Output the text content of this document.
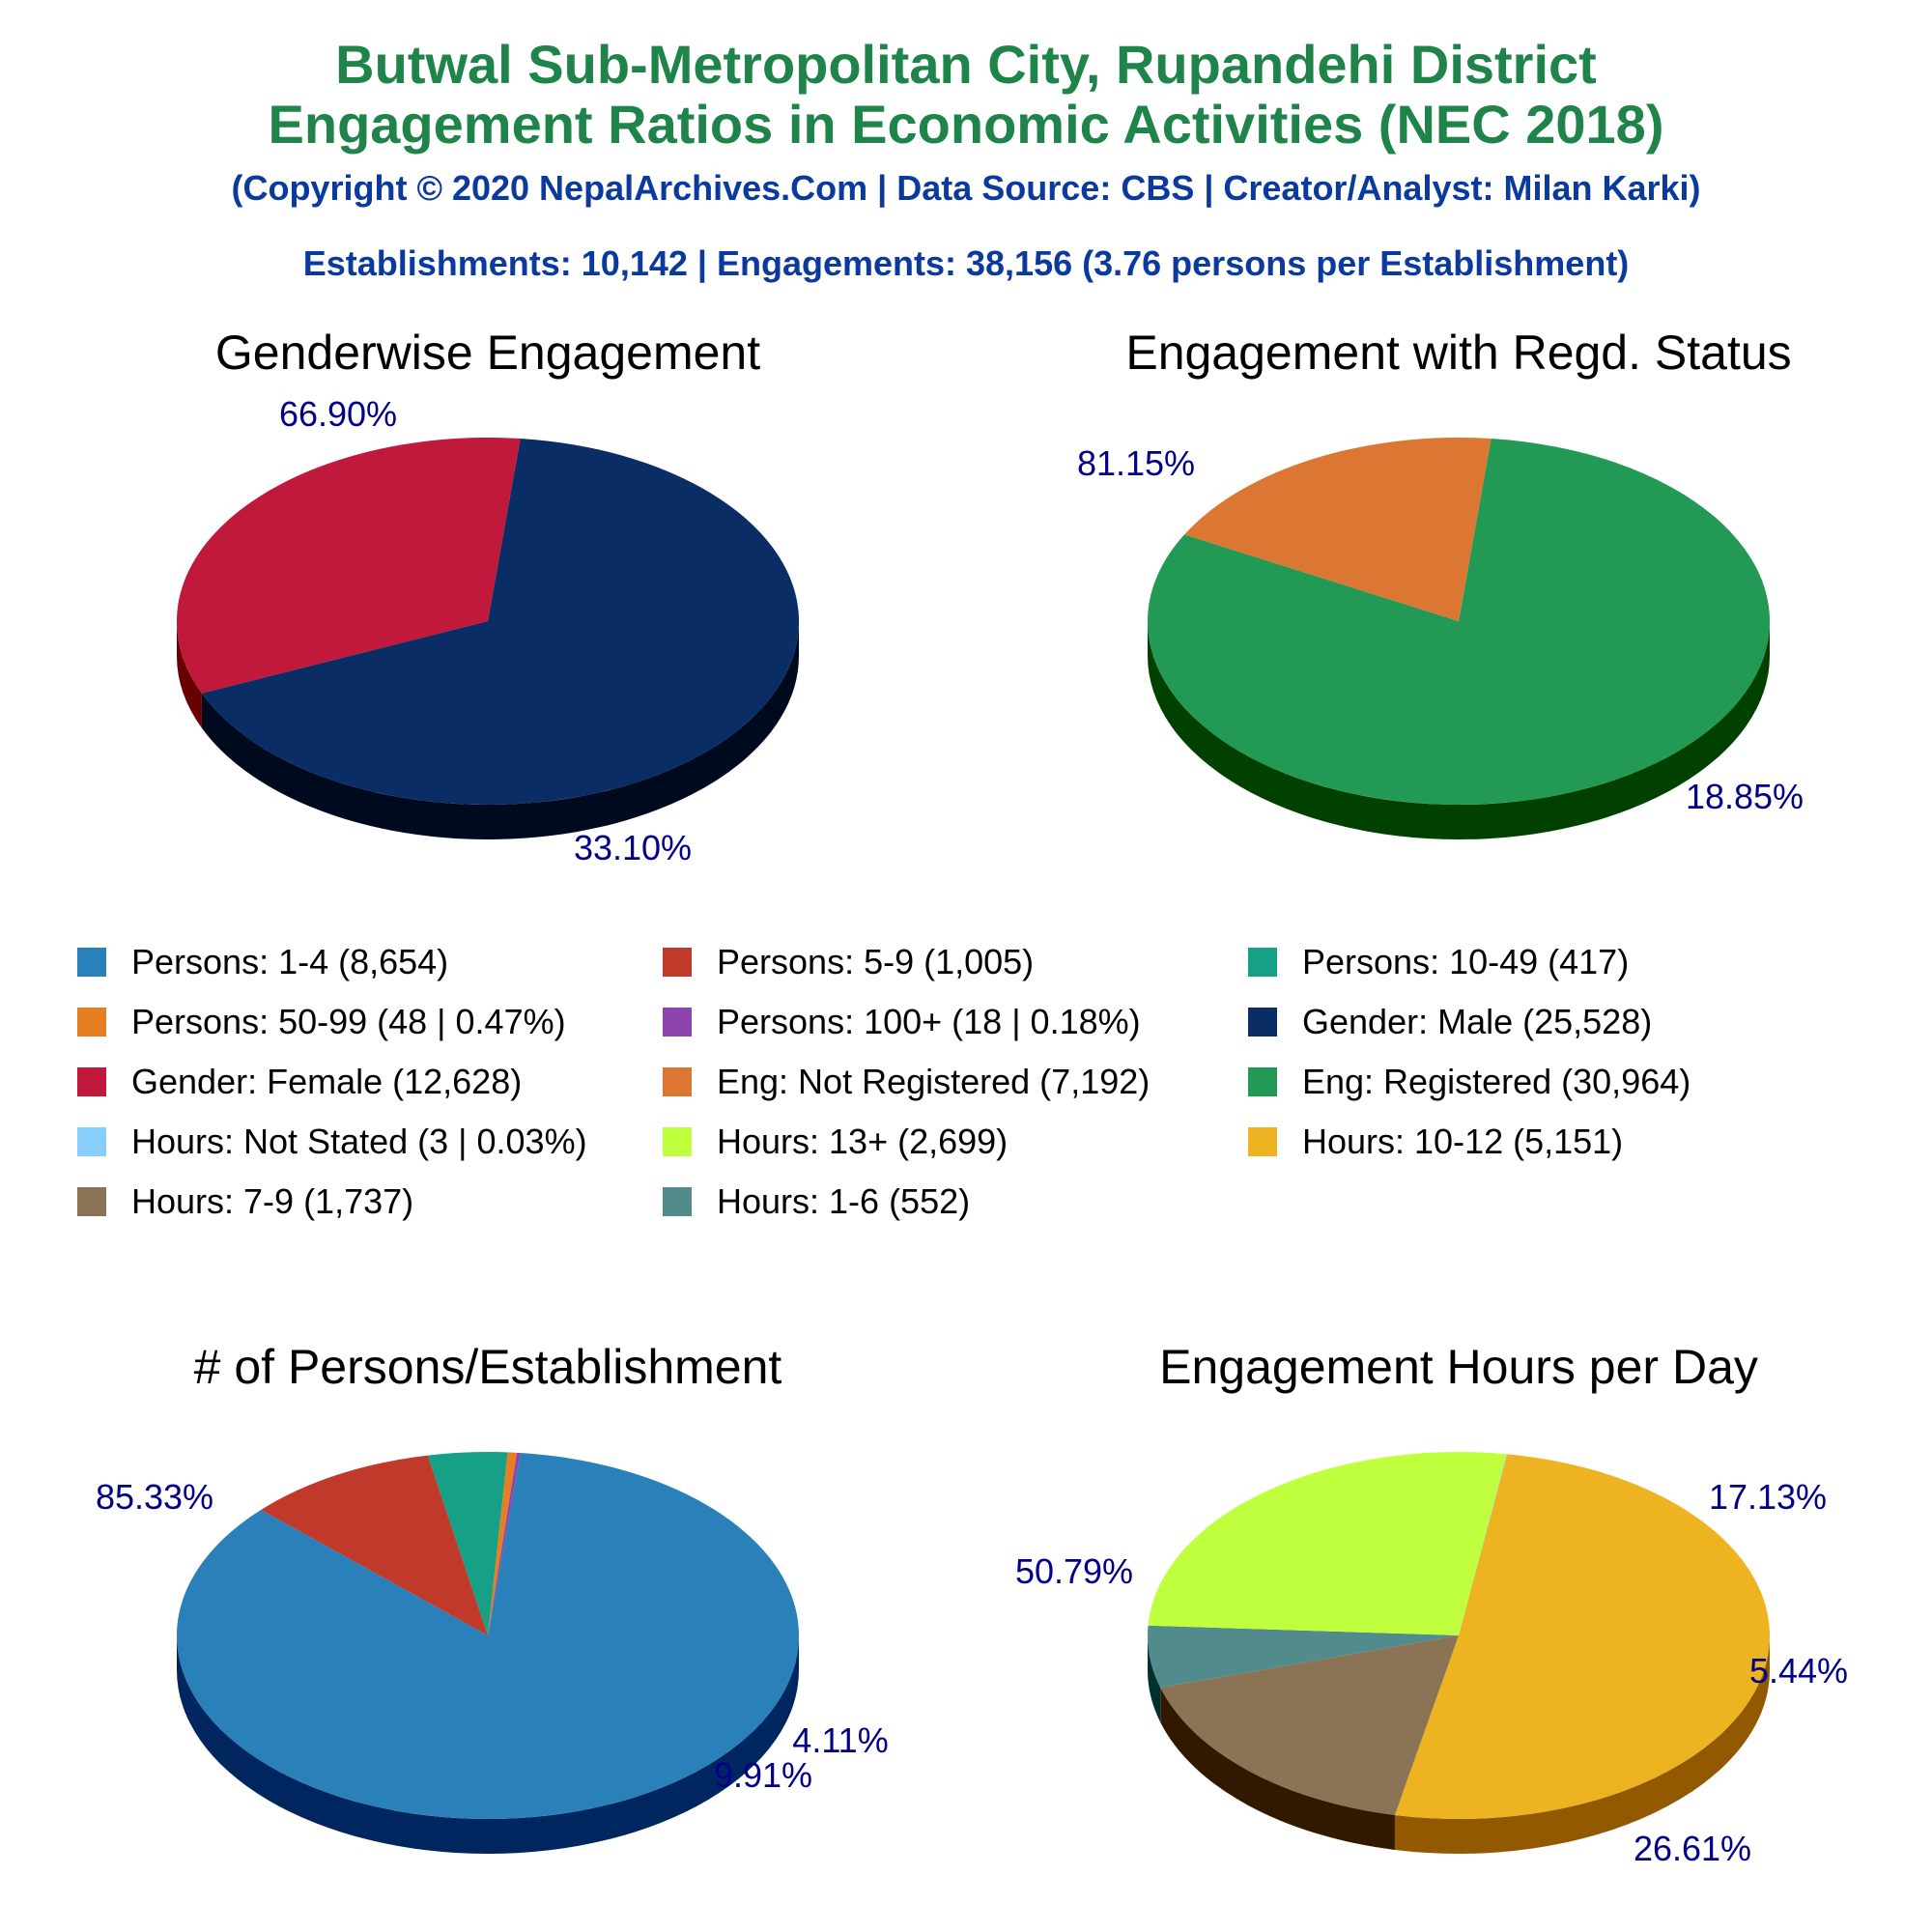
Butwal Sub-Metropolitan City, Rupandehi District
Engagement Ratios in Economic Activities (NEC 2018)
(Copyright © 2020 NepalArchives.Com | Data Source: CBS | Creator/Analyst: Milan Karki)
Establishments: 10,142 | Engagements: 38,156 (3.76 persons per Establishment)
Genderwise Engagement
66.90%
33.10%
Engagement with Regd. Status
81.15%
18.85%
# of Persons/Establishment
85.33%
9.91%
4.11%
Engagement Hours per Day
50.79%
17.13%
5.44%
26.61%
Persons: 1-4 (8,654)	Persons: 5-9 (1,005)	Persons: 10-49 (417)
Persons: 50-99 (48 | 0.47%)	Persons: 100+ (18 | 0.18%)	Gender: Male (25,528)
Gender: Female (12,628)	Eng: Not Registered (7,192)	Eng: Registered (30,964)
Hours: Not Stated (3 | 0.03%)	Hours: 13+ (2,699)	Hours: 10-12 (5,151)
Hours: 7-9 (1,737)	Hours: 1-6 (552)
